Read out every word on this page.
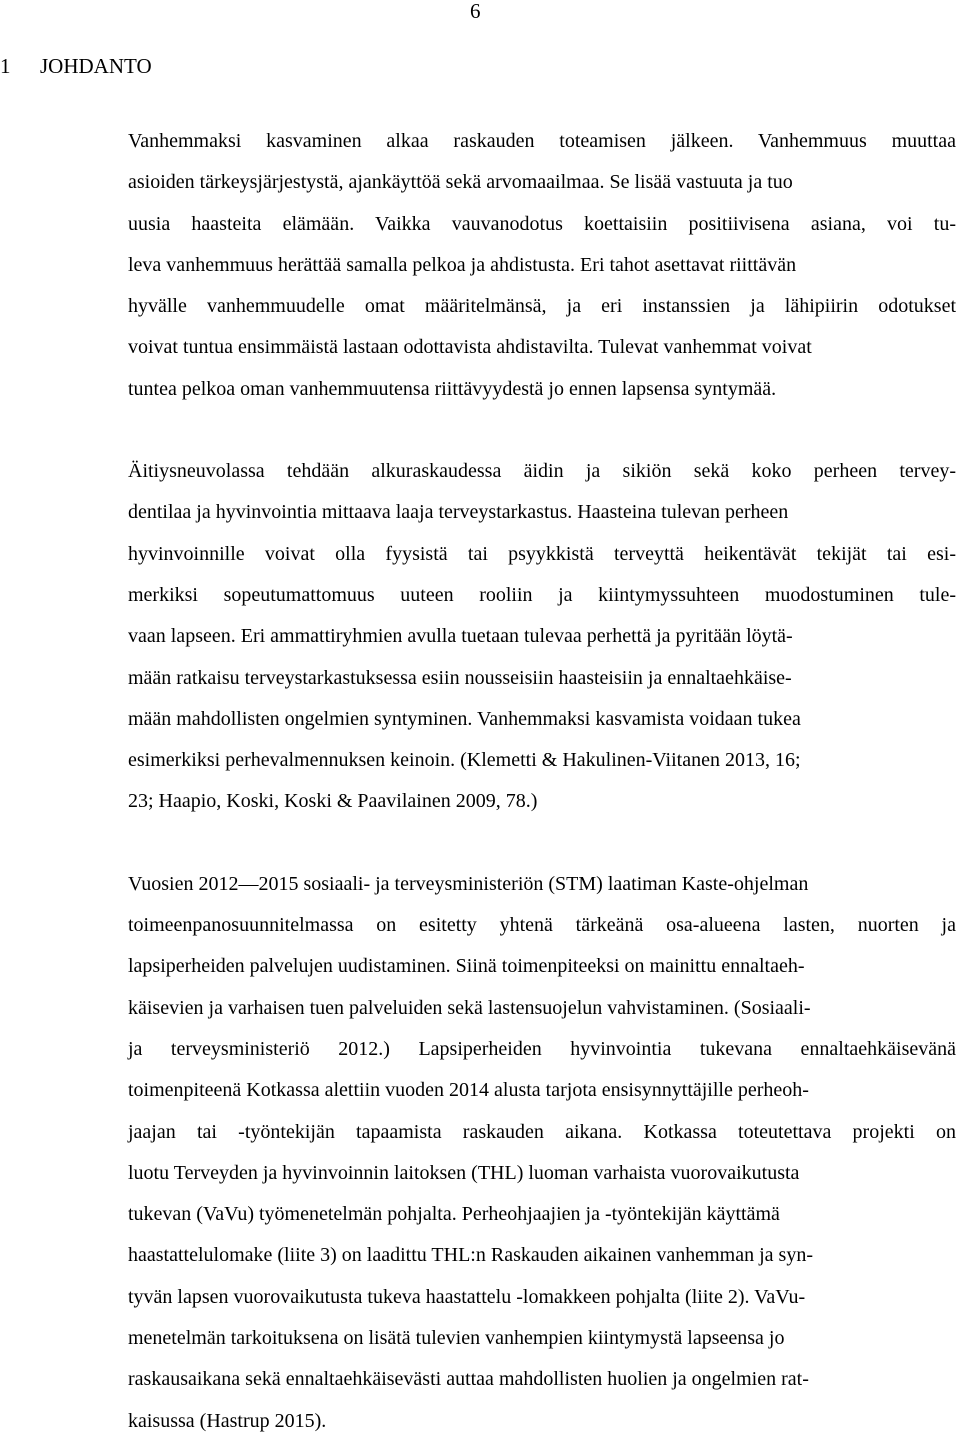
6
1 JOHDANTO

Vanhemmaksi kasvaminen alkaa raskauden toteamisen jälkeen. Vanhemmuus muuttaa
asioiden tärkeysjärjestystä, ajankäyttöä sekä arvomaailmaa. Se lisää vastuuta ja tuo
uusia haasteita elämään. Vaikka vauvanodotus koettaisiin positiivisena asiana, voi tu-
leva vanhemmuus herättää samalla pelkoa ja ahdistusta. Eri tahot asettavat riittävän
hyvälle vanhemmuudelle omat määritelmänsä, ja eri instanssien ja lähipiirin odotukset
voivat tuntua ensimmäistä lastaan odottavista ahdistavilta. Tulevat vanhemmat voivat
tuntea pelkoa oman vanhemmuutensa riittävyydestä jo ennen lapsensa syntymää.

Äitiysneuvolassa tehdään alkuraskaudessa äidin ja sikiön sekä koko perheen tervey-
dentilaa ja hyvinvointia mittaava laaja terveystarkastus. Haasteina tulevan perheen
hyvinvoinnille voivat olla fyysistä tai psyykkistä terveyttä heikentävät tekijät tai esi-
merkiksi sopeutumattomuus uuteen rooliin ja kiintymyssuhteen muodostuminen tule-
vaan lapseen. Eri ammattiryhmien avulla tuetaan tulevaa perhettä ja pyritään löytä-
mään ratkaisu terveystarkastuksessa esiin nousseisiin haasteisiin ja ennaltaehkäise-
mään mahdollisten ongelmien syntyminen. Vanhemmaksi kasvamista voidaan tukea
esimerkiksi perhevalmennuksen keinoin. (Klemetti & Hakulinen-Viitanen 2013, 16;
23; Haapio, Koski, Koski & Paavilainen 2009, 78.)

Vuosien 2012—2015 sosiaali- ja terveysministeriön (STM) laatiman Kaste-ohjelman
toimeenpanosuunnitelmassa on esitetty yhtenä tärkeänä osa-alueena lasten, nuorten ja
lapsiperheiden palvelujen uudistaminen. Siinä toimenpiteeksi on mainittu ennaltaeh-
käisevien ja varhaisen tuen palveluiden sekä lastensuojelun vahvistaminen. (Sosiaali-
ja terveysministeriö 2012.) Lapsiperheiden hyvinvointia tukevana ennaltaehkäisevänä
toimenpiteenä Kotkassa alettiin vuoden 2014 alusta tarjota ensisynnyttäjille perheoh-
jaajan tai -työntekijän tapaamista raskauden aikana. Kotkassa toteutettava projekti on
luotu Terveyden ja hyvinvoinnin laitoksen (THL) luoman varhaista vuorovaikutusta
tukevan (VaVu) työmenetelmän pohjalta. Perheohjaajien ja -työntekijän käyttämä
haastattelulomake (liite 3) on laadittu THL:n Raskauden aikainen vanhemman ja syn-
tyvän lapsen vuorovaikutusta tukeva haastattelu -lomakkeen pohjalta (liite 2). VaVu-
menetelmän tarkoituksena on lisätä tulevien vanhempien kiintymystä lapseensa jo
raskausaikana sekä ennaltaehkäisevästi auttaa mahdollisten huolien ja ongelmien rat-
kaisussa (Hastrup 2015).
